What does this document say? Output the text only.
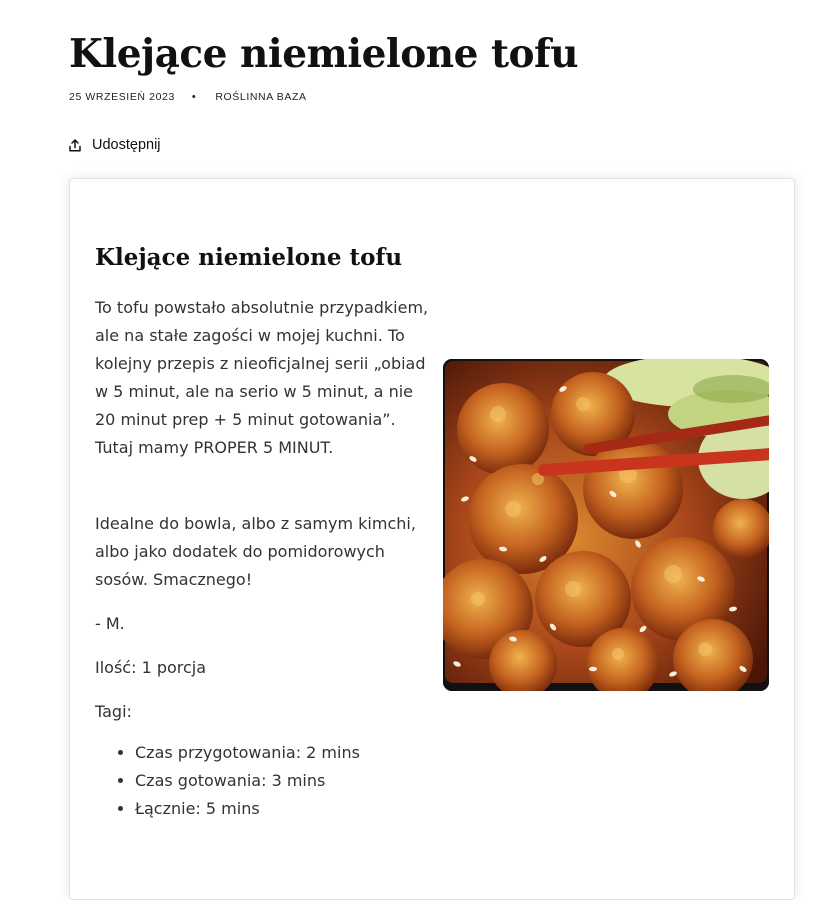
Klejące niemielone tofu
25 WRZESIEŃ 2023 • ROŚLINNA BAZA
Udostępnij
Klejące niemielone tofu

To tofu powstało absolutnie przypadkiem, ale na stałe zagości w mojej kuchni. To kolejny przepis z nieoficjalnej serii „obiad w 5 minut, ale na serio w 5 minut, a nie 20 minut prep + 5 minut gotowania”. Tutaj mamy PROPER 5 MINUT.

Idealne do bowla, albo z samym kimchi, albo jako dodatek do pomidorowych sosów. Smacznego!

- M.

Ilość: 1 porcja

Tagi:

• Czas przygotowania: 2 mins
• Czas gotowania: 3 mins
• Łącznie: 5 mins
